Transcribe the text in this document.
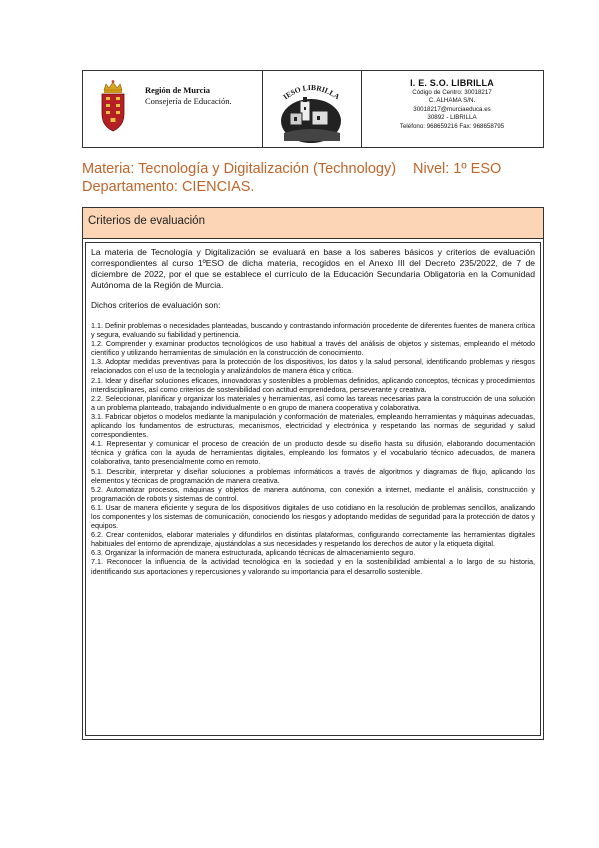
Región de Murcia
Consejería de Educación.	IESO LIBRILLA
I. E. S.O. LIBRILLA
Código de Centro: 30018217
C. ALHAMA S/N.
30018217@murciaeduca.es
30892 - LIBRILLA
Teléfono: 968659216 Fax: 968658795
Materia: Tecnología y Digitalización (Technology) Nivel: 1º ESO
Departamento: CIENCIAS.
Criterios de evaluación

La materia de Tecnología y Digitalización se evaluará en base a los saberes básicos y criterios de evaluación correspondientes al curso 1ºESO de dicha materia, recogidos en el Anexo III del Decreto 235/2022, de 7 de diciembre de 2022, por el que se establece el currículo de la Educación Secundaria Obligatoria en la Comunidad Autónoma de la Región de Murcia.

Dichos criterios de evaluación son:

1.1. Definir problemas o necesidades planteadas, buscando y contrastando información procedente de diferentes fuentes de manera crítica y segura, evaluando su fiabilidad y pertinencia.

1.2. Comprender y examinar productos tecnológicos de uso habitual a través del análisis de objetos y sistemas, empleando el método científico y utilizando herramientas de simulación en la construcción de conocimiento.

1.3. Adoptar medidas preventivas para la protección de los dispositivos, los datos y la salud personal, identificando problemas y riesgos relacionados con el uso de la tecnología y analizándolos de manera ética y crítica.

2.1. Idear y diseñar soluciones eficaces, innovadoras y sostenibles a problemas definidos, aplicando conceptos, técnicas y procedimientos interdisciplinares, así como criterios de sostenibilidad con actitud emprendedora, perseverante y creativa.

2.2. Seleccionar, planificar y organizar los materiales y herramientas, así como las tareas necesarias para la construcción de una solución a un problema planteado, trabajando individualmente o en grupo de manera cooperativa y colaborativa.

3.1. Fabricar objetos o modelos mediante la manipulación y conformación de materiales, empleando herramientas y máquinas adecuadas, aplicando los fundamentos de estructuras, mecanismos, electricidad y electrónica y respetando las normas de seguridad y salud correspondientes.

4.1. Representar y comunicar el proceso de creación de un producto desde su diseño hasta su difusión, elaborando documentación técnica y gráfica con la ayuda de herramientas digitales, empleando los formatos y el vocabulario técnico adecuados, de manera colaborativa, tanto presencialmente como en remoto.

5.1. Describir, interpretar y diseñar soluciones a problemas informáticos a través de algoritmos y diagramas de flujo, aplicando los elementos y técnicas de programación de manera creativa.

5.2. Automatizar procesos, máquinas y objetos de manera autónoma, con conexión a internet, mediante el análisis, construcción y programación de robots y sistemas de control.

6.1. Usar de manera eficiente y segura de los dispositivos digitales de uso cotidiano en la resolución de problemas sencillos, analizando los componentes y los sistemas de comunicación, conociendo los riesgos y adoptando medidas de seguridad para la protección de datos y equipos.

6.2. Crear contenidos, elaborar materiales y difundirlos en distintas plataformas, configurando correctamente las herramientas digitales habituales del entorno de aprendizaje, ajustándolas a sus necesidades y respetando los derechos de autor y la etiqueta digital.

6.3. Organizar la información de manera estructurada, aplicando técnicas de almacenamiento seguro.

7.1. Reconocer la influencia de la actividad tecnológica en la sociedad y en la sostenibilidad ambiental a lo largo de su historia, identificando sus aportaciones y repercusiones y valorando su importancia para el desarrollo sostenible.
